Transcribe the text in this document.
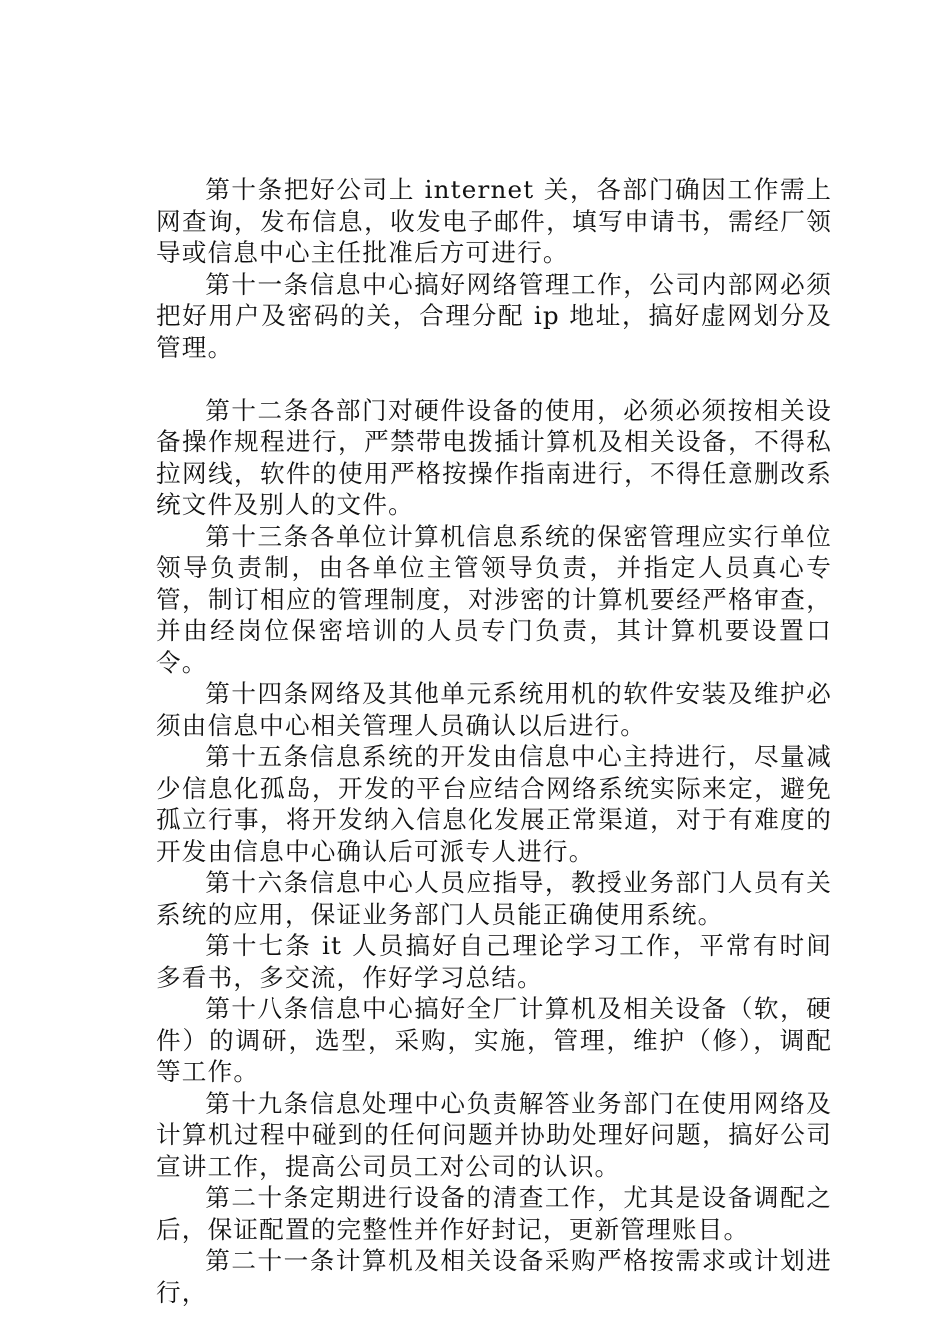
第十条把好公司上 internet 关，各部门确因工作需上网查询，发布信息，收发电子邮件，填写申请书，需经厂领导或信息中心主任批准后方可进行。

第十一条信息中心搞好网络管理工作，公司内部网必须把好用户及密码的关，合理分配 ip 地址，搞好虚网划分及管理。

第十二条各部门对硬件设备的使用，必须必须按相关设备操作规程进行，严禁带电拨插计算机及相关设备，不得私拉网线，软件的使用严格按操作指南进行，不得任意删改系统文件及别人的文件。

第十三条各单位计算机信息系统的保密管理应实行单位领导负责制，由各单位主管领导负责，并指定人员真心专管，制订相应的管理制度，对涉密的计算机要经严格审查，并由经岗位保密培训的人员专门负责，其计算机要设置口令。

第十四条网络及其他单元系统用机的软件安装及维护必须由信息中心相关管理人员确认以后进行。

第十五条信息系统的开发由信息中心主持进行，尽量减少信息化孤岛，开发的平台应结合网络系统实际来定，避免孤立行事，将开发纳入信息化发展正常渠道，对于有难度的开发由信息中心确认后可派专人进行。

第十六条信息中心人员应指导，教授业务部门人员有关系统的应用，保证业务部门人员能正确使用系统。

第十七条 it 人员搞好自己理论学习工作，平常有时间多看书，多交流，作好学习总结。

第十八条信息中心搞好全厂计算机及相关设备（软，硬件）的调研，选型，采购，实施，管理，维护（修），调配等工作。

第十九条信息处理中心负责解答业务部门在使用网络及计算机过程中碰到的任何问题并协助处理好问题，搞好公司宣讲工作，提高公司员工对公司的认识。

第二十条定期进行设备的清查工作，尤其是设备调配之后，保证配置的完整性并作好封记，更新管理账目。

第二十一条计算机及相关设备采购严格按需求或计划进行，
